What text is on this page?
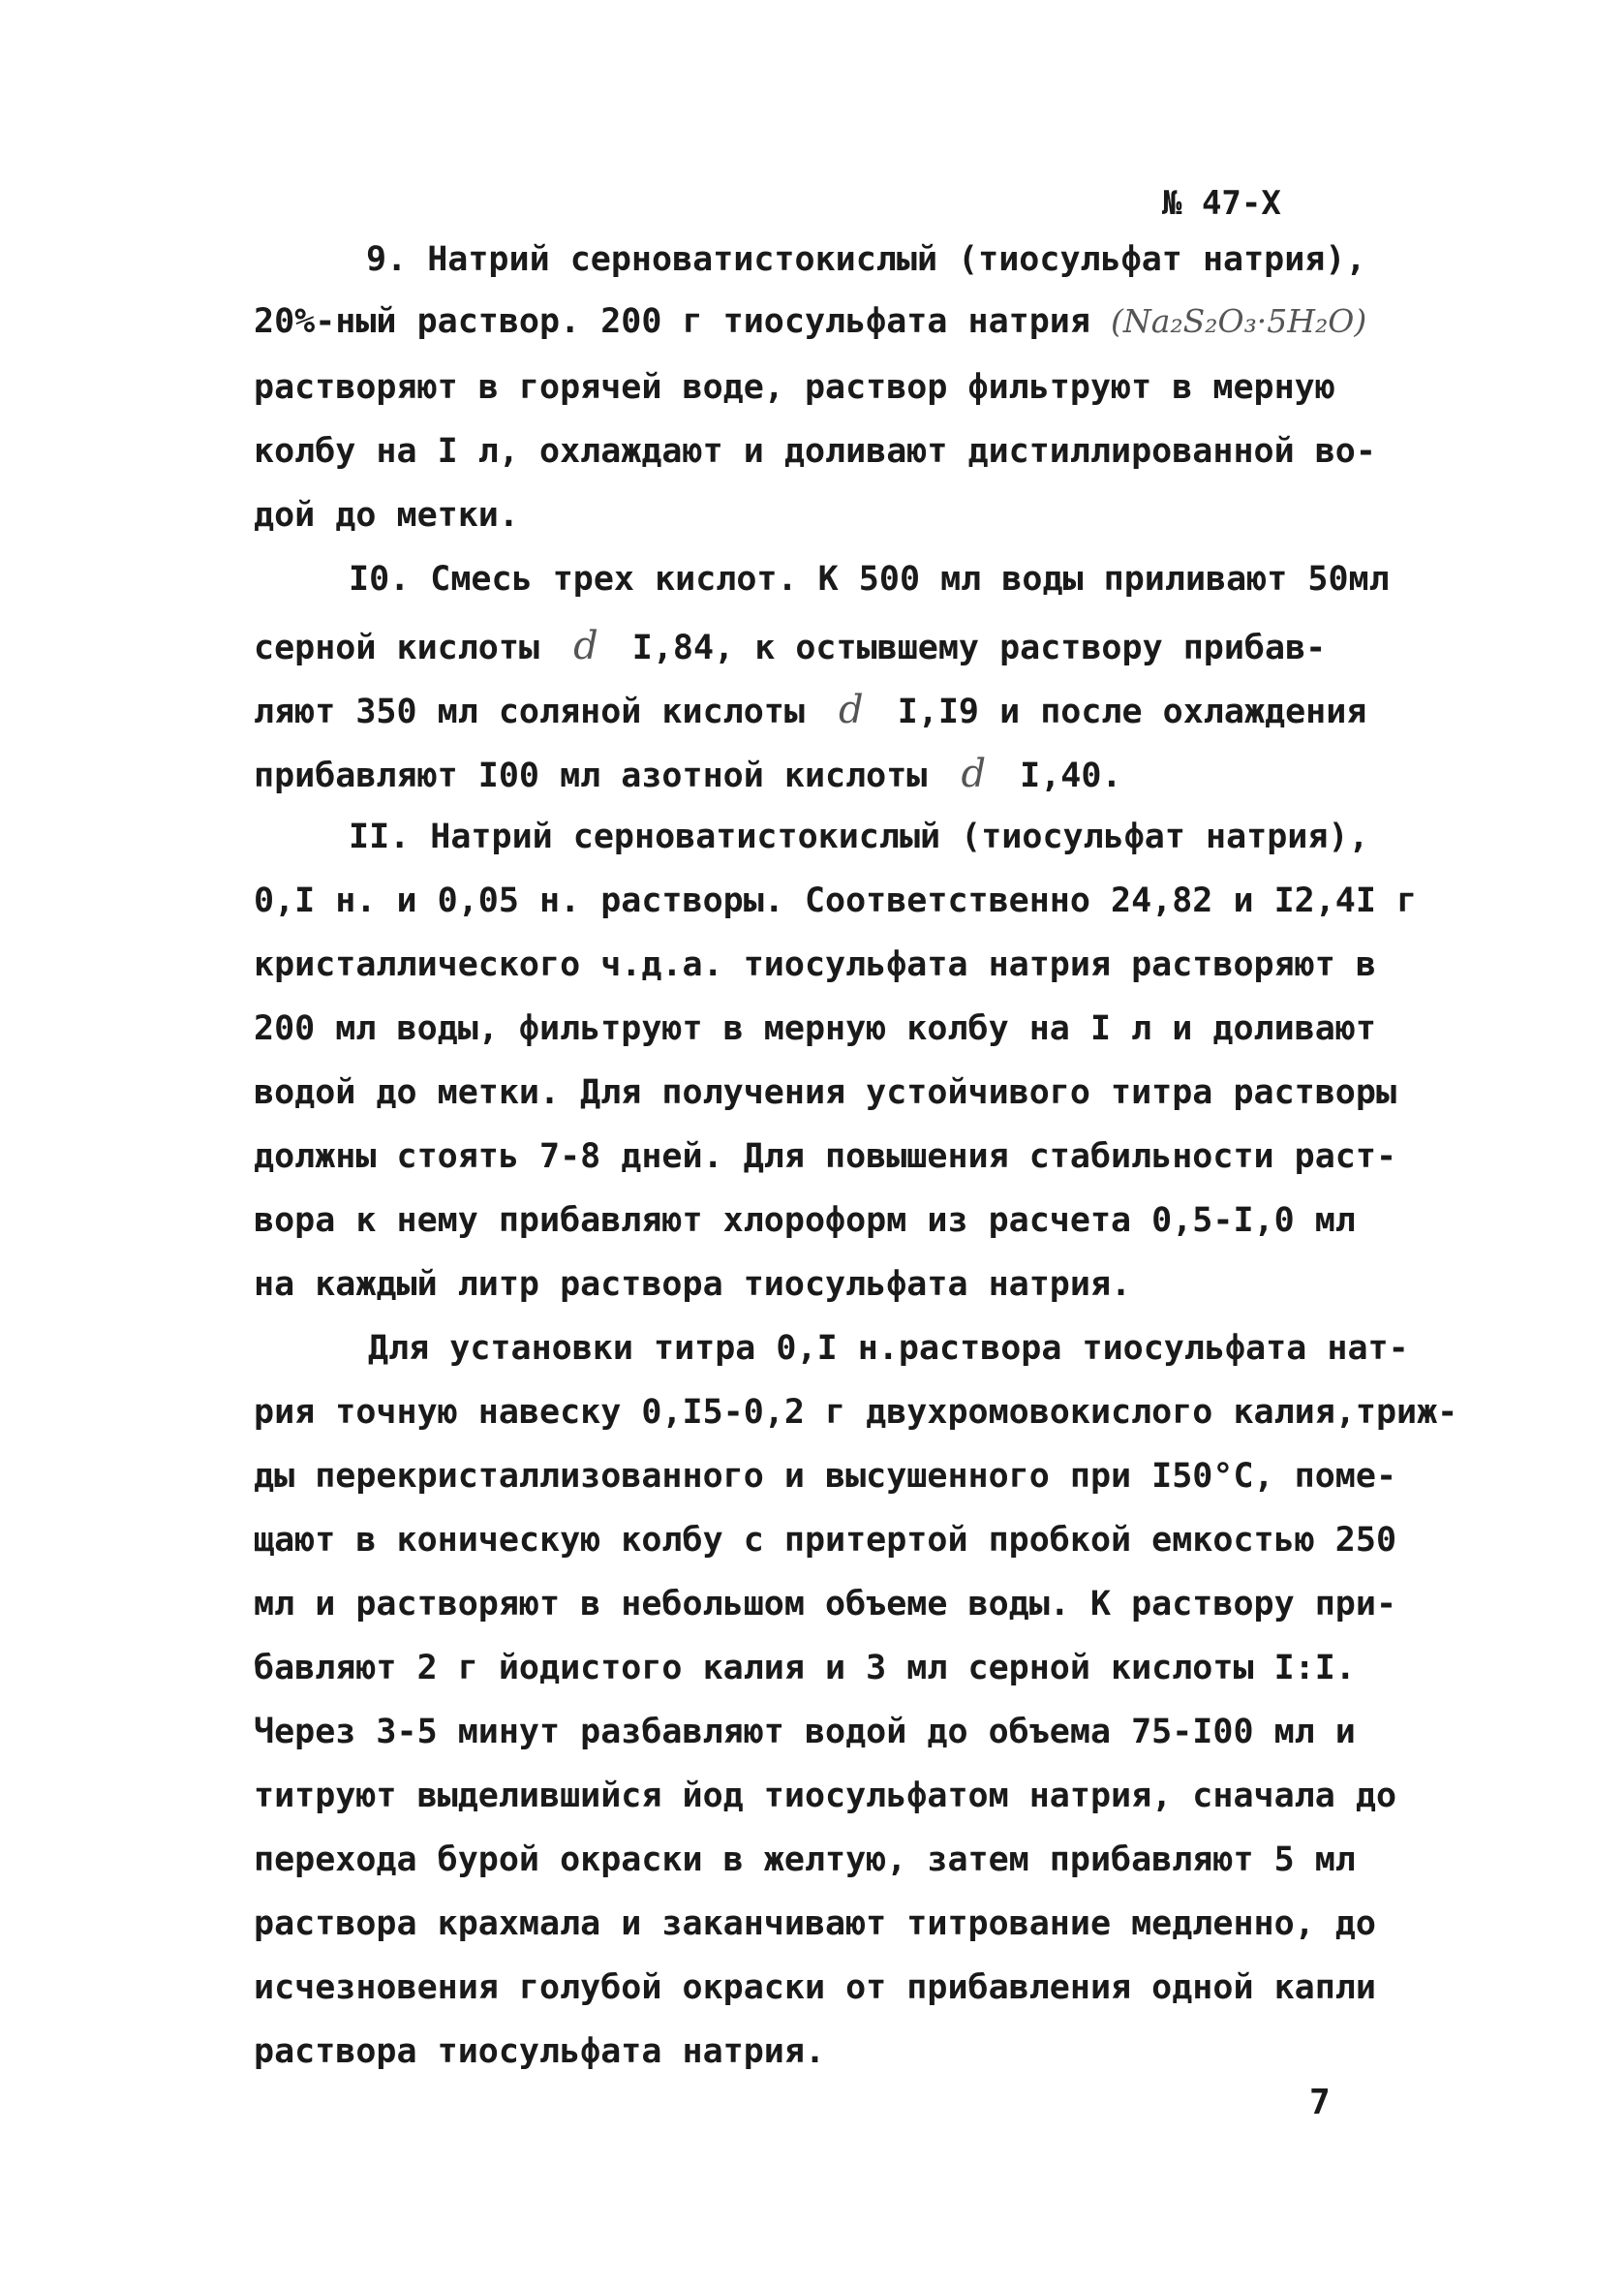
№ 47-Х
9. Натрий серноватистокислый (тиосульфат натрия),
20%-ный раствор. 200 г тиосульфата натрия (Na₂S₂O₃·5H₂O)
растворяют в горячей воде, раствор фильтруют в мерную
колбу на I л, охлаждают и доливают дистиллированной во-
дой до метки.
I0. Смесь трех кислот. К 500 мл воды приливают 50мл
серной кислоты d I,84, к остывшему раствору прибав-
ляют 350 мл соляной кислоты d I,I9 и после охлаждения
прибавляют I00 мл азотной кислоты d I,40.
II. Натрий серноватистокислый (тиосульфат натрия),
0,I н. и 0,05 н. растворы. Соответственно 24,82 и I2,4I г
кристаллического ч.д.а. тиосульфата натрия растворяют в
200 мл воды, фильтруют в мерную колбу на I л и доливают
водой до метки. Для получения устойчивого титра растворы
должны стоять 7-8 дней. Для повышения стабильности раст-
вора к нему прибавляют хлороформ из расчета 0,5-I,0 мл
на каждый литр раствора тиосульфата натрия.
Для установки титра 0,I н.раствора тиосульфата нат-
рия точную навеску 0,I5-0,2 г двухромовокислого калия,триж-
ды перекристаллизованного и высушенного при I50°С, поме-
щают в коническую колбу с притертой пробкой емкостью 250
мл и растворяют в небольшом объеме воды. К раствору при-
бавляют 2 г йодистого калия и 3 мл серной кислоты I:I.
Через 3-5 минут разбавляют водой до объема 75-I00 мл и
титруют выделившийся йод тиосульфатом натрия, сначала до
перехода бурой окраски в желтую, затем прибавляют 5 мл
раствора крахмала и заканчивают титрование медленно, до
исчезновения голубой окраски от прибавления одной капли
раствора тиосульфата натрия.
7
